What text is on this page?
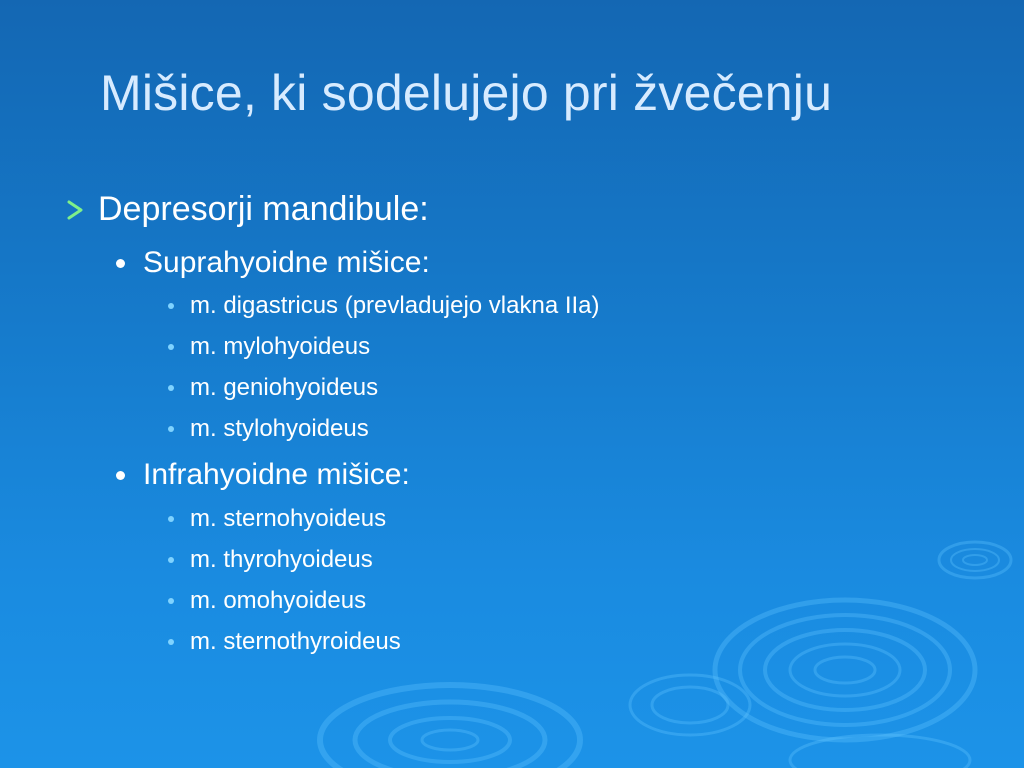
Mišice, ki sodelujejo pri žvečenju
Depresorji mandibule:
Suprahyoidne mišice:
m. digastricus (prevladujejo vlakna IIa)
m. mylohyoideus
m. geniohyoideus
m. stylohyoideus
Infrahyoidne mišice:
m. sternohyoideus
m. thyrohyoideus
m. omohyoideus
m. sternothyroideus
